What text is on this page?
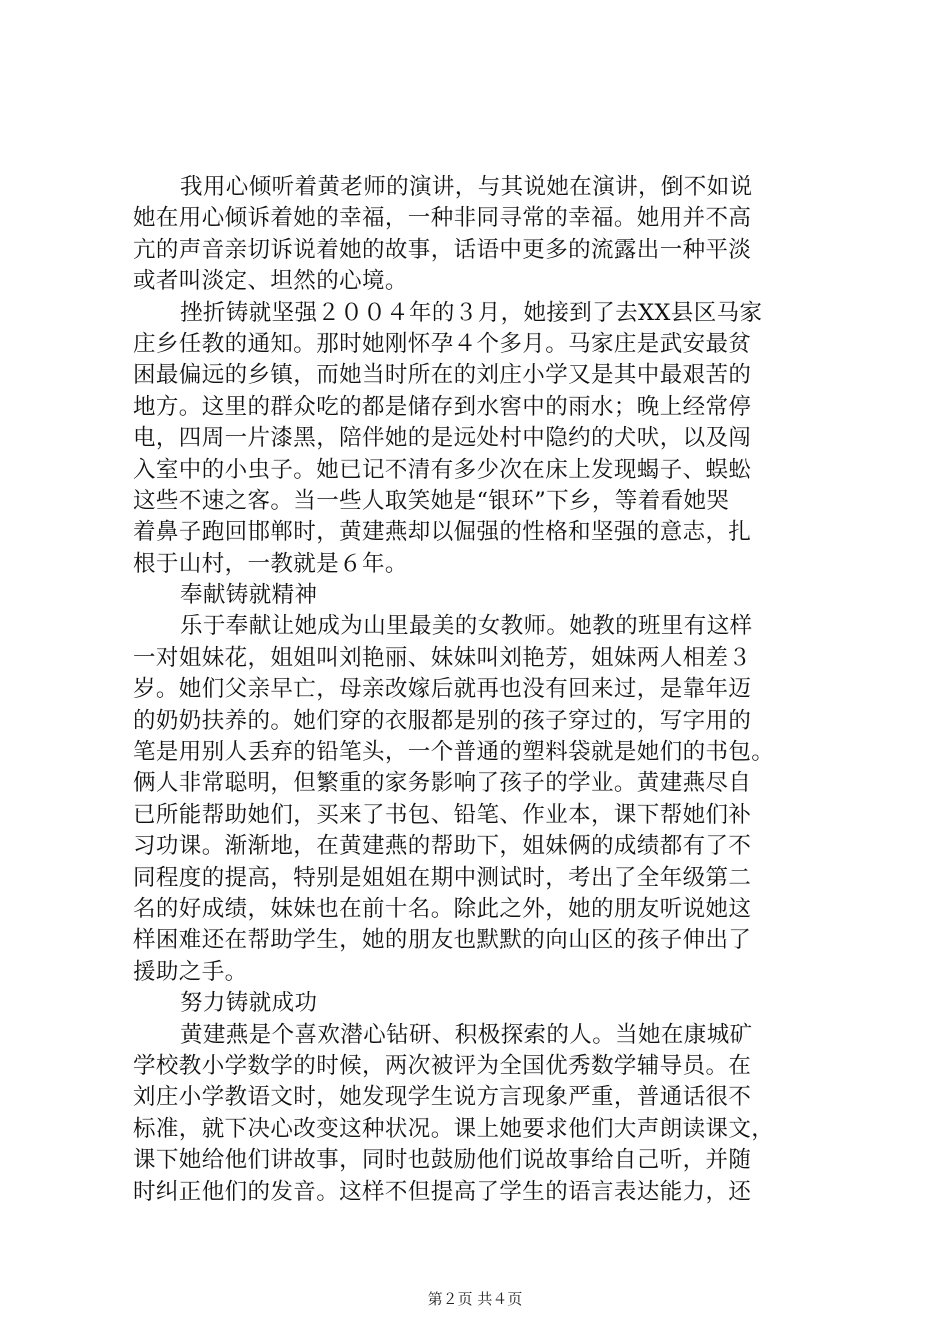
我用心倾听着黄老师的演讲，与其说她在演讲，倒不如说
她在用心倾诉着她的幸福，一种非同寻常的幸福。她用并不高
亢的声音亲切诉说着她的故事，话语中更多的流露出一种平淡
或者叫淡定、坦然的心境。
挫折铸就坚强２００４年的３月，她接到了去XX县区马家
庄乡任教的通知。那时她刚怀孕４个多月。马家庄是武安最贫
困最偏远的乡镇，而她当时所在的刘庄小学又是其中最艰苦的
地方。这里的群众吃的都是储存到水窖中的雨水；晚上经常停
电，四周一片漆黑，陪伴她的是远处村中隐约的犬吠，以及闯
入室中的小虫子。她已记不清有多少次在床上发现蝎子、蜈蚣
这些不速之客。当一些人取笑她是“银环”下乡，等着看她哭
着鼻子跑回邯郸时，黄建燕却以倔强的性格和坚强的意志，扎
根于山村，一教就是６年。
奉献铸就精神
乐于奉献让她成为山里最美的女教师。她教的班里有这样
一对姐妹花，姐姐叫刘艳丽、妹妹叫刘艳芳，姐妹两人相差３
岁。她们父亲早亡，母亲改嫁后就再也没有回来过，是靠年迈
的奶奶扶养的。她们穿的衣服都是别的孩子穿过的，写字用的
笔是用别人丢弃的铅笔头，一个普通的塑料袋就是她们的书包。
俩人非常聪明，但繁重的家务影响了孩子的学业。黄建燕尽自
已所能帮助她们，买来了书包、铅笔、作业本，课下帮她们补
习功课。渐渐地，在黄建燕的帮助下，姐妹俩的成绩都有了不
同程度的提高，特别是姐姐在期中测试时，考出了全年级第二
名的好成绩，妹妹也在前十名。除此之外，她的朋友听说她这
样困难还在帮助学生，她的朋友也默默的向山区的孩子伸出了
援助之手。
努力铸就成功
黄建燕是个喜欢潜心钻研、积极探索的人。当她在康城矿
学校教小学数学的时候，两次被评为全国优秀数学辅导员。在
刘庄小学教语文时，她发现学生说方言现象严重，普通话很不
标准，就下决心改变这种状况。课上她要求他们大声朗读课文，
课下她给他们讲故事，同时也鼓励他们说故事给自己听，并随
时纠正他们的发音。这样不但提高了学生的语言表达能力，还
第２页 共４页
